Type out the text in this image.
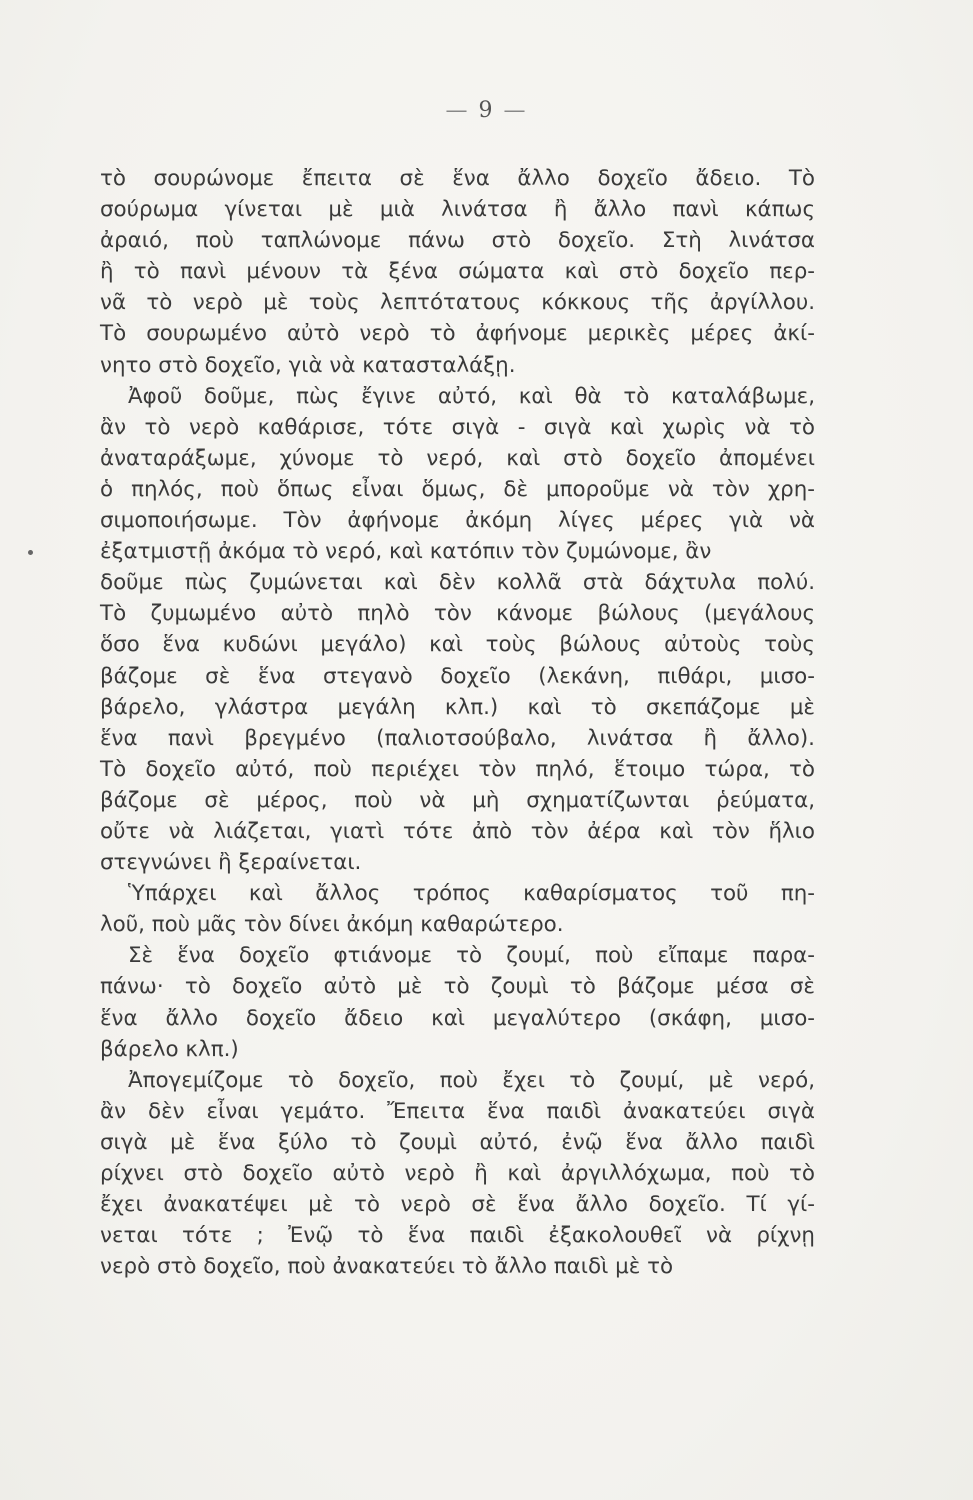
— 9 —
τὸ σουρώνομε ἔπειτα σὲ ἕνα ἄλλο δοχεῖο ἄδειο. Τὸ
σούρωμα γίνεται μὲ μιὰ λινάτσα ἢ ἄλλο πανὶ κάπως
ἀραιό, ποὺ ταπλώνομε πάνω στὸ δοχεῖο. Στὴ λινάτσα
ἢ τὸ πανὶ μένουν τὰ ξένα σώματα καὶ στὸ δοχεῖο περ-
νᾶ τὸ νερὸ μὲ τοὺς λεπτότατους κόκκους τῆς ἀργίλλου.
Τὸ σουρωμένο αὐτὸ νερὸ τὸ ἀφήνομε μερικὲς μέρες ἀκί-
νητο στὸ δοχεῖο, γιὰ νὰ κατασταλάξῃ.
Ἀφοῦ δοῦμε, πὼς ἔγινε αὐτό, καὶ θὰ τὸ καταλάβωμε,
ἂν τὸ νερὸ καθάρισε, τότε σιγὰ - σιγὰ καὶ χωρὶς νὰ τὸ
ἀναταράξωμε, χύνομε τὸ νερό, καὶ στὸ δοχεῖο ἀπομένει
ὁ πηλός, ποὺ ὅπως εἶναι ὅμως, δὲ μποροῦμε νὰ τὸν χρη-
σιμοποιήσωμε. Τὸν ἀφήνομε ἀκόμη λίγες μέρες γιὰ νὰ
ἐξατμιστῇ ἀκόμα τὸ νερό, καὶ κατόπιν τὸν ζυμώνομε, ἂν
δοῦμε πὼς ζυμώνεται καὶ δὲν κολλᾶ στὰ δάχτυλα πολύ.
Τὸ ζυμωμένο αὐτὸ πηλὸ τὸν κάνομε βώλους (μεγάλους
ὅσο ἕνα κυδώνι μεγάλο) καὶ τοὺς βώλους αὐτοὺς τοὺς
βάζομε σὲ ἕνα στεγανὸ δοχεῖο (λεκάνη, πιθάρι, μισο-
βάρελο, γλάστρα μεγάλη κλπ.) καὶ τὸ σκεπάζομε μὲ
ἕνα πανὶ βρεγμένο (παλιοτσούβαλο, λινάτσα ἢ ἄλλο).
Τὸ δοχεῖο αὐτό, ποὺ περιέχει τὸν πηλό, ἕτοιμο τώρα, τὸ
βάζομε σὲ μέρος, ποὺ νὰ μὴ σχηματίζωνται ῥεύματα,
οὔτε νὰ λιάζεται, γιατὶ τότε ἀπὸ τὸν ἀέρα καὶ τὸν ἥλιο
στεγνώνει ἢ ξεραίνεται.
Ὑπάρχει καὶ ἄλλος τρόπος καθαρίσματος τοῦ πη-
λοῦ, ποὺ μᾶς τὸν δίνει ἀκόμη καθαρώτερο.
Σὲ ἕνα δοχεῖο φτιάνομε τὸ ζουμί, ποὺ εἴπαμε παρα-
πάνω· τὸ δοχεῖο αὐτὸ μὲ τὸ ζουμὶ τὸ βάζομε μέσα σὲ
ἕνα ἄλλο δοχεῖο ἄδειο καὶ μεγαλύτερο (σκάφη, μισο-
βάρελο κλπ.)
Ἀπογεμίζομε τὸ δοχεῖο, ποὺ ἔχει τὸ ζουμί, μὲ νερό,
ἂν δὲν εἶναι γεμάτο. Ἔπειτα ἕνα παιδὶ ἀνακατεύει σιγὰ
σιγὰ μὲ ἕνα ξύλο τὸ ζουμὶ αὐτό, ἐνῷ ἕνα ἄλλο παιδὶ
ρίχνει στὸ δοχεῖο αὐτὸ νερὸ ἢ καὶ ἀργιλλόχωμα, ποὺ τὸ
ἔχει ἀνακατέψει μὲ τὸ νερὸ σὲ ἕνα ἄλλο δοχεῖο. Τί γί-
νεται τότε ; Ἐνῷ τὸ ἕνα παιδὶ ἐξακολουθεῖ νὰ ρίχνῃ
νερὸ στὸ δοχεῖο, ποὺ ἀνακατεύει τὸ ἄλλο παιδὶ μὲ τὸ
